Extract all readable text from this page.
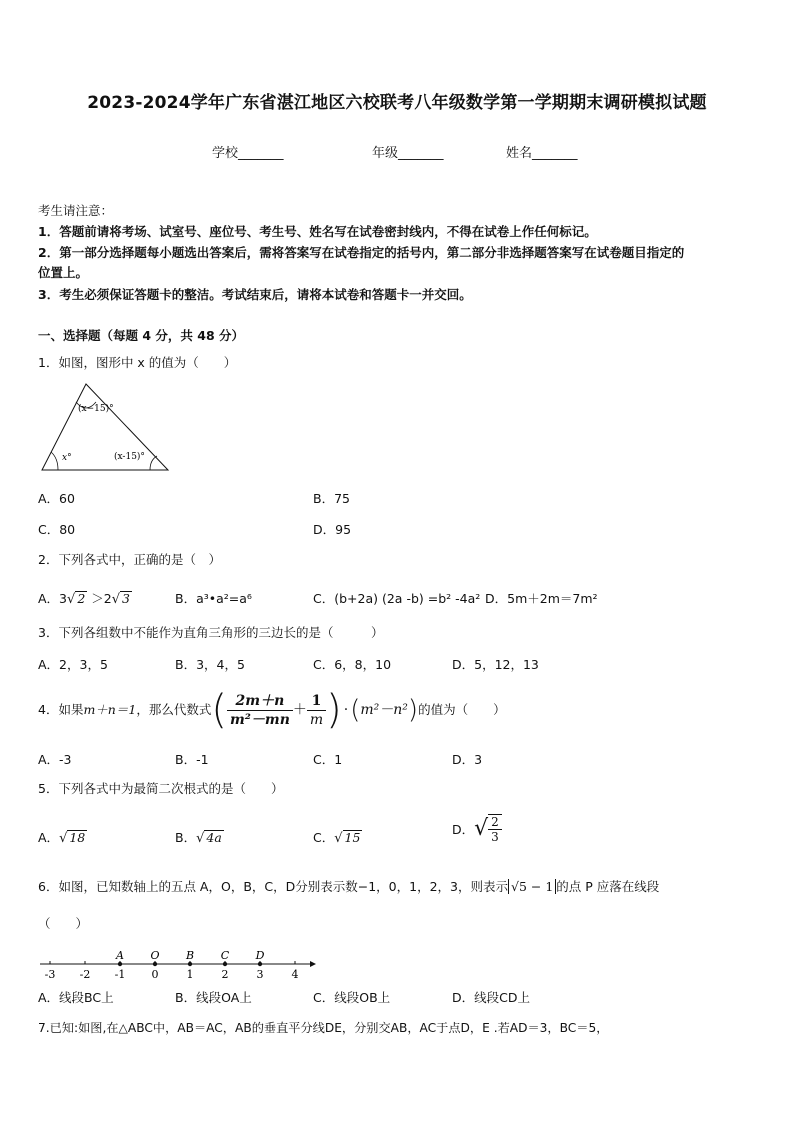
2023-2024学年广东省湛江地区六校联考八年级数学第一学期期末调研模拟试题
学校_______	年级_______	姓名_______
考生请注意：
1．答题前请将考场、试室号、座位号、考生号、姓名写在试卷密封线内，不得在试卷上作任何标记。
2．第一部分选择题每小题选出答案后，需将答案写在试卷指定的括号内，第二部分非选择题答案写在试卷题目指定的
位置上。
3．考生必须保证答题卡的整洁。考试结束后，请将本试卷和答题卡一并交回。
一、选择题（每题 4 分，共 48 分）
1．如图，图形中 x 的值为（　　）
(x−15)°
x°	(x-15)°
A．60	B．75
C．80	D．95
2．下列各式中，正确的是（　）
A．3√ 2 ＞2√ 3	B．a³•a²=a⁶	C．(b+2a) (2a -b) =b² -4a² D．5m＋2m＝7m²
3．下列各组数中不能作为直角三角形的三边长的是（　　　）
A．2，3，5	B．3，4，5	C．6，8，10	D．5，12，13
4．如果 m＋n＝1 ，那么代数式 ( $\frac{2m+n}{\text{m²－mn}} + \frac{1}{m}$ ) · ( m²－n² ) 的值为（　　）
A．-3	B．-1	C．1	D．3
5．下列各式中为最简二次根式的是（　　）
A．√ 18	B．√ 4a	C．√ 15
D． √ $\frac{2}{3}$
6．如图，已知数轴上的五点 A，O，B，C，D分别表示数−1，0，1，2，3，则表示 √5 − 1 的点 P 应落在线段
（　　）
-3 -2 -1 0	1	2	3	4
A O B C D
A．线段BC上	B．线段OA上	C．线段OB上	D．线段CD上
7.已知:如图,在△ABC中，AB＝AC，AB的垂直平分线DE，分别交AB，AC于点D，E .若AD＝3，BC＝5，
